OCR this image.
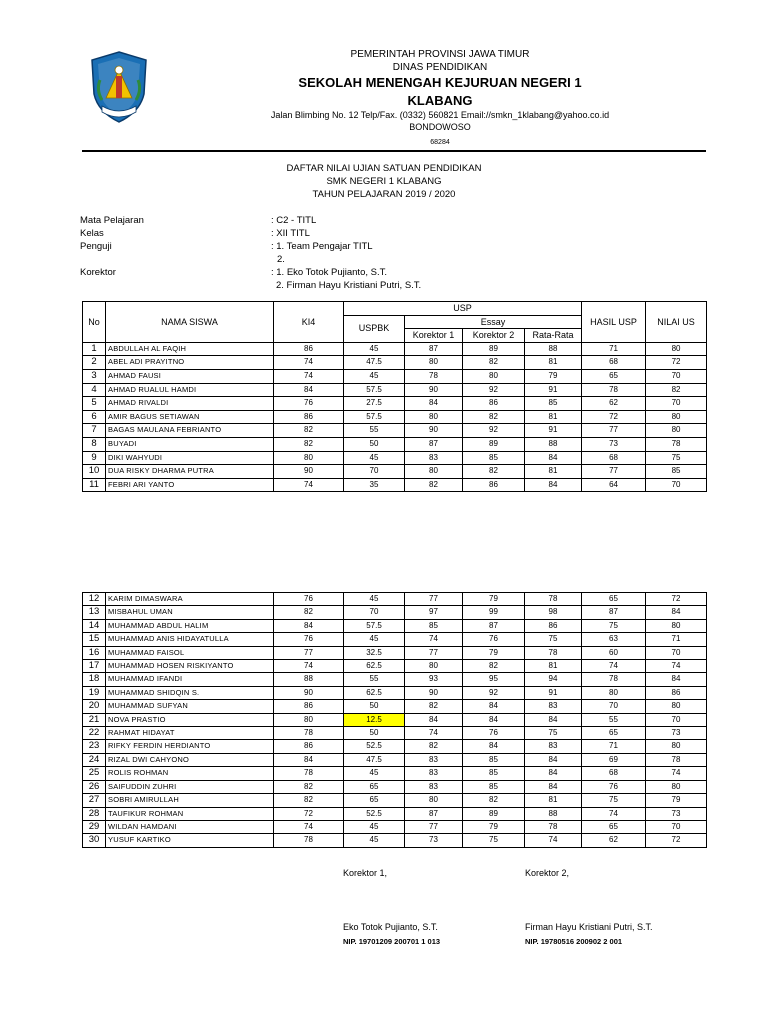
PEMERINTAH PROVINSI JAWA TIMUR
DINAS PENDIDIKAN
SEKOLAH MENENGAH KEJURUAN NEGERI 1
KLABANG
Jalan Blimbing No. 12 Telp/Fax. (0332) 560821 Email://smkn_1klabang@yahoo.co.id
BONDOWOSO
68284
DAFTAR NILAI UJIAN SATUAN PENDIDIKAN
SMK NEGERI 1 KLABANG
TAHUN PELAJARAN 2019 / 2020
Mata Pelajaran	: C2 - TITL
Kelas	: XII TITL
Penguji	: 1. Team Pengajar TITL
2.
Korektor	: 1. Eko Totok Pujianto, S.T.
2. Firman Hayu Kristiani Putri, S.T.
No	NAMA SISWA	KI4	USP				HASIL USP	NILAI US
			USPBK	Essay				
				Korektor 1	Korektor 2	Rata-Rata		
1	ABDULLAH AL FAQIH	86	45	87	89	88	71	80
2	ABEL ADI PRAYITNO	74	47.5	80	82	81	68	72
3	AHMAD FAUSI	74	45	78	80	79	65	70
4	AHMAD RUALUL HAMDI	84	57.5	90	92	91	78	82
5	AHMAD RIVALDI	76	27.5	84	86	85	62	70
6	AMIR BAGUS SETIAWAN	86	57.5	80	82	81	72	80
7	BAGAS MAULANA FEBRIANTO	82	55	90	92	91	77	80
8	BUYADI	82	50	87	89	88	73	78
9	DIKI WAHYUDI	80	45	83	85	84	68	75
10	DUA RISKY DHARMA PUTRA	90	70	80	82	81	77	85
11	FEBRI ARI YANTO	74	35	82	86	84	64	70
12	KARIM DIMASWARA	76	45	77	79	78	65	72
13	MISBAHUL UMAN	82	70	97	99	98	87	84
14	MUHAMMAD ABDUL HALIM	84	57.5	85	87	86	75	80
15	MUHAMMAD ANIS HIDAYATULLA	76	45	74	76	75	63	71
16	MUHAMMAD FAISOL	77	32.5	77	79	78	60	70
17	MUHAMMAD HOSEN RISKIYANTO	74	62.5	80	82	81	74	74
18	MUHAMMAD IFANDI	88	55	93	95	94	78	84
19	MUHAMMAD SHIDQIN S.	90	62.5	90	92	91	80	86
20	MUHAMMAD SUFYAN	86	50	82	84	83	70	80
21	NOVA PRASTIO	80	12.5	84	84	84	55	70
22	RAHMAT HIDAYAT	78	50	74	76	75	65	73
23	RIFKY FERDIN HERDIANTO	86	52.5	82	84	83	71	80
24	RIZAL DWI CAHYONO	84	47.5	83	85	84	69	78
25	ROLIS ROHMAN	78	45	83	85	84	68	74
26	SAIFUDDIN ZUHRI	82	65	83	85	84	76	80
27	SOBRI AMIRULLAH	82	65	80	82	81	75	79
28	TAUFIKUR ROHMAN	72	52.5	87	89	88	74	73
29	WILDAN HAMDANI	74	45	77	79	78	65	70
30	YUSUF KARTIKO	78	45	73	75	74	62	72
Korektor 1,	Korektor 2,
Eko Totok Pujianto, S.T.	Firman Hayu Kristiani Putri, S.T.
NIP. 19701209 200701 1 013	NIP. 19780516 200902 2 001
